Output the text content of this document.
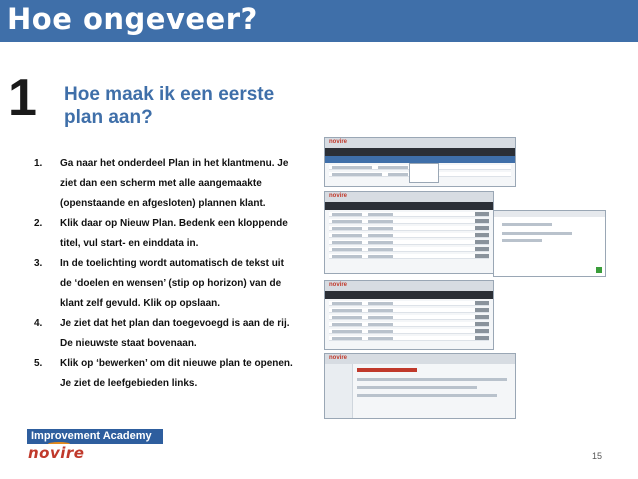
Hoe ongeveer?
1 Hoe maak ik een eerste plan aan?
1. Ga naar het onderdeel Plan in het klantmenu. Je ziet dan een scherm met alle aangemaakte (openstaande en afgesloten) plannen klant.
2. Klik daar op Nieuw Plan. Bedenk een kloppende titel, vul start- en einddata in.
3. In de toelichting wordt automatisch de tekst uit de ‘doelen en wensen’ (stip op horizon) van de klant zelf gevuld. Klik op opslaan.
4. Je ziet dat het plan dan toegevoegd is aan de rij. De nieuwste staat bovenaan.
5. Klik op ‘bewerken’ om dit nieuwe plan te openen. Je ziet de leefgebieden links.
novire
novire
novire
novire
Improvement Academy
novire	15
